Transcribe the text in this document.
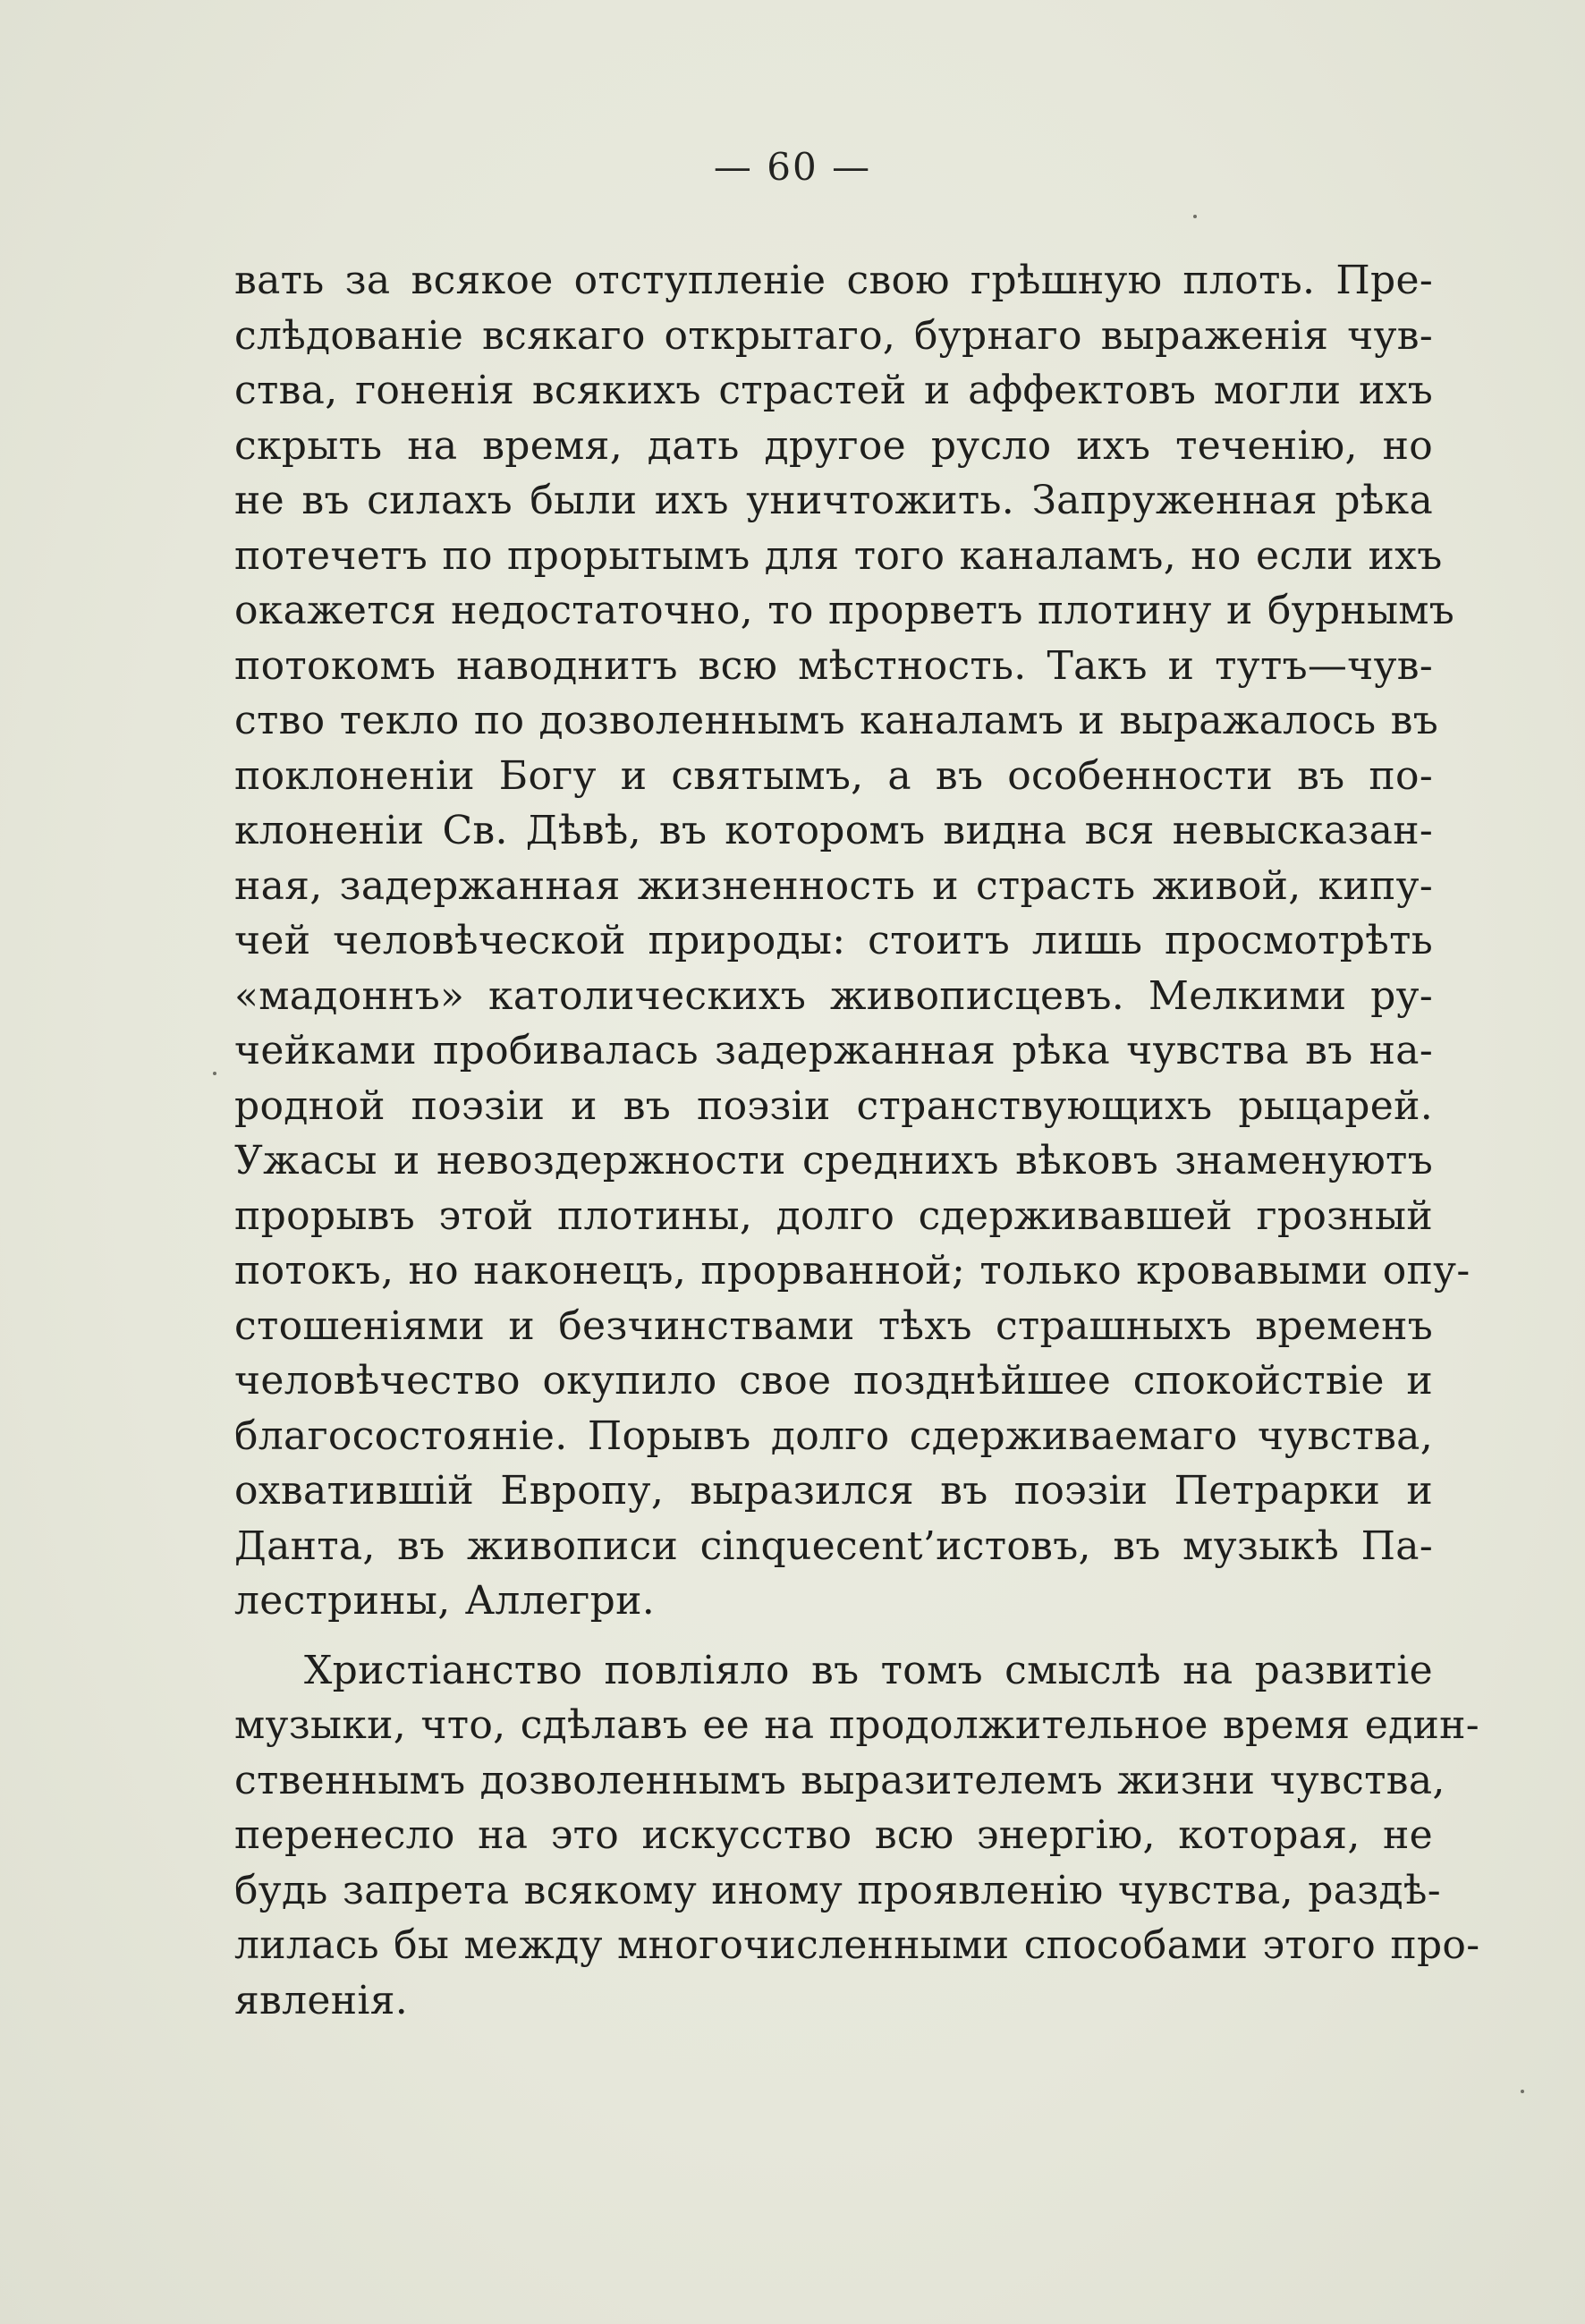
— 60 —
вать за всякое отступленіе свою грѣшную плоть. Пре-
слѣдованіе всякаго открытаго, бурнаго выраженія чув-
ства, гоненія всякихъ страстей и аффектовъ могли ихъ
скрыть на время, дать другое русло ихъ теченію, но
не въ силахъ были ихъ уничтожить. Запруженная рѣка
потечетъ по прорытымъ для того каналамъ, но если ихъ
окажется недостаточно, то прорветъ плотину и бурнымъ
потокомъ наводнитъ всю мѣстность. Такъ и тутъ—чув-
ство текло по дозволеннымъ каналамъ и выражалось въ
поклоненіи Богу и святымъ, а въ особенности въ по-
клоненіи Св. Дѣвѣ, въ которомъ видна вся невысказан-
ная, задержанная жизненность и страсть живой, кипу-
чей человѣческой природы: стоитъ лишь просмотрѣть
«мадоннъ» католическихъ живописцевъ. Мелкими ру-
чейками пробивалась задержанная рѣка чувства въ на-
родной поэзіи и въ поэзіи странствующихъ рыцарей.
Ужасы и невоздержности среднихъ вѣковъ знаменуютъ
прорывъ этой плотины, долго сдерживавшей грозный
потокъ, но наконецъ, прорванной; только кровавыми опу-
стошеніями и безчинствами тѣхъ страшныхъ временъ
человѣчество окупило свое позднѣйшее спокойствіе и
благосостояніе. Порывъ долго сдерживаемаго чувства,
охватившій Европу, выразился въ поэзіи Петрарки и
Данта, въ живописи cinquecent’истовъ, въ музыкѣ Па-
лестрины, Аллегри.
Христіанство повліяло въ томъ смыслѣ на развитіе
музыки, что, сдѣлавъ ее на продолжительное время един-
ственнымъ дозволеннымъ выразителемъ жизни чувства,
перенесло на это искусство всю энергію, которая, не
будь запрета всякому иному проявленію чувства, раздѣ-
лилась бы между многочисленными способами этого про-
явленія.
